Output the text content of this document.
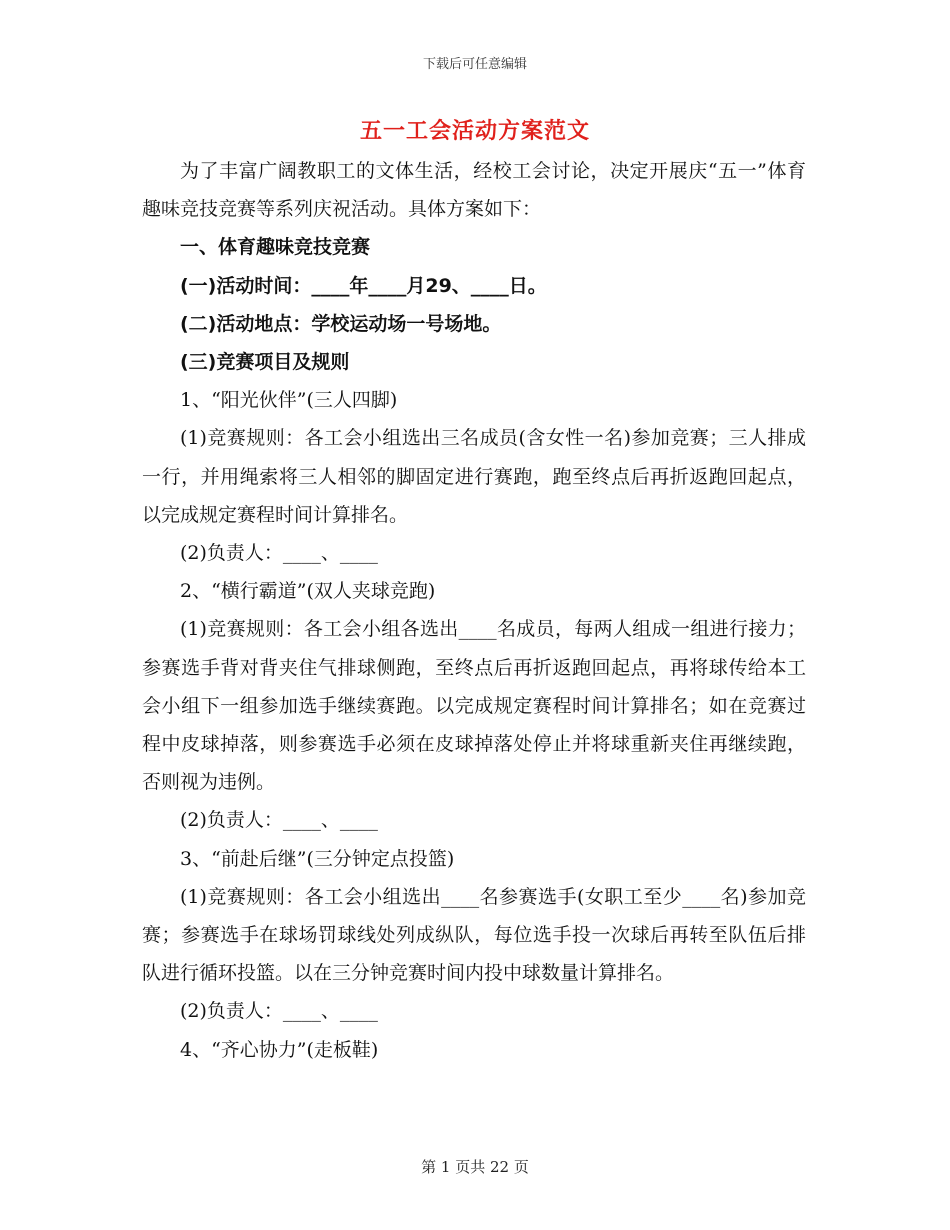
下载后可任意编辑
五一工会活动方案范文

为了丰富广阔教职工的文体生活，经校工会讨论，决定开展庆“五一”体育趣味竞技竞赛等系列庆祝活动。具体方案如下：

一、体育趣味竞技竞赛

(一)活动时间：____年____月29、____日。

(二)活动地点：学校运动场一号场地。

(三)竞赛项目及规则

1、“阳光伙伴”(三人四脚)

(1)竞赛规则：各工会小组选出三名成员(含女性一名)参加竞赛；三人排成一行，并用绳索将三人相邻的脚固定进行赛跑，跑至终点后再折返跑回起点，以完成规定赛程时间计算排名。

(2)负责人：____、____

2、“横行霸道”(双人夹球竞跑)

(1)竞赛规则：各工会小组各选出____名成员，每两人组成一组进行接力；参赛选手背对背夹住气排球侧跑，至终点后再折返跑回起点，再将球传给本工会小组下一组参加选手继续赛跑。以完成规定赛程时间计算排名；如在竞赛过程中皮球掉落，则参赛选手必须在皮球掉落处停止并将球重新夹住再继续跑，否则视为违例。

(2)负责人：____、____

3、“前赴后继”(三分钟定点投篮)

(1)竞赛规则：各工会小组选出____名参赛选手(女职工至少____名)参加竞赛；参赛选手在球场罚球线处列成纵队，每位选手投一次球后再转至队伍后排队进行循环投篮。以在三分钟竞赛时间内投中球数量计算排名。

(2)负责人：____、____

4、“齐心协力”(走板鞋)

第 1 页共 22 页
